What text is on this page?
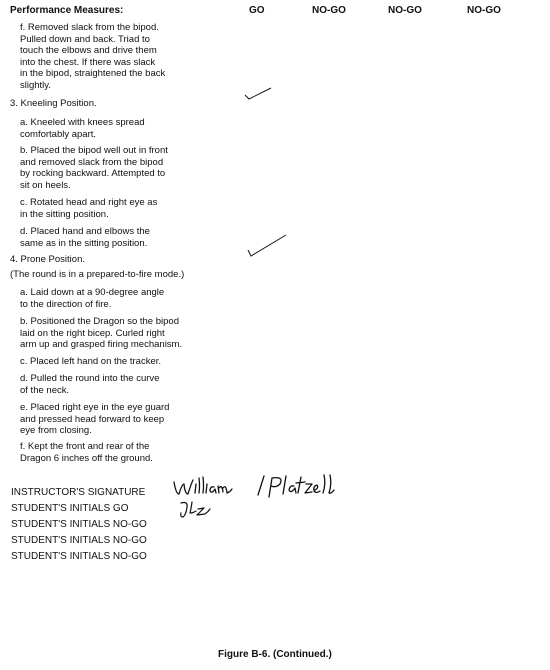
Performance Measures:	GO	NO-GO	NO-GO	NO-GO
f. Removed slack from the bipod.
Pulled down and back. Triad to
touch the elbows and drive them
into the chest. If there was slack
in the bipod, straightened the back
slightly.
3. Kneeling Position.
a. Kneeled with knees spread
comfortably apart.
b. Placed the bipod well out in front
and removed slack from the bipod
by rocking backward. Attempted to
sit on heels.
c. Rotated head and right eye as
in the sitting position.
d. Placed hand and elbows the
same as in the sitting position.
4. Prone Position.
(The round is in a prepared-to-fire mode.)
a. Laid down at a 90-degree angle
to the direction of fire.
b. Positioned the Dragon so the bipod
laid on the right bicep. Curled right
arm up and grasped firing mechanism.
c. Placed left hand on the tracker.
d. Pulled the round into the curve
of the neck.
e. Placed right eye in the eye guard
and pressed head forward to keep
eye from closing.
f. Kept the front and rear of the
Dragon 6 inches off the ground.
INSTRUCTOR'S SIGNATURE
STUDENT'S INITIALS GO
STUDENT'S INITIALS NO-GO
STUDENT'S INITIALS NO-GO
STUDENT'S INITIALS NO-GO
Figure B-6. (Continued.)
